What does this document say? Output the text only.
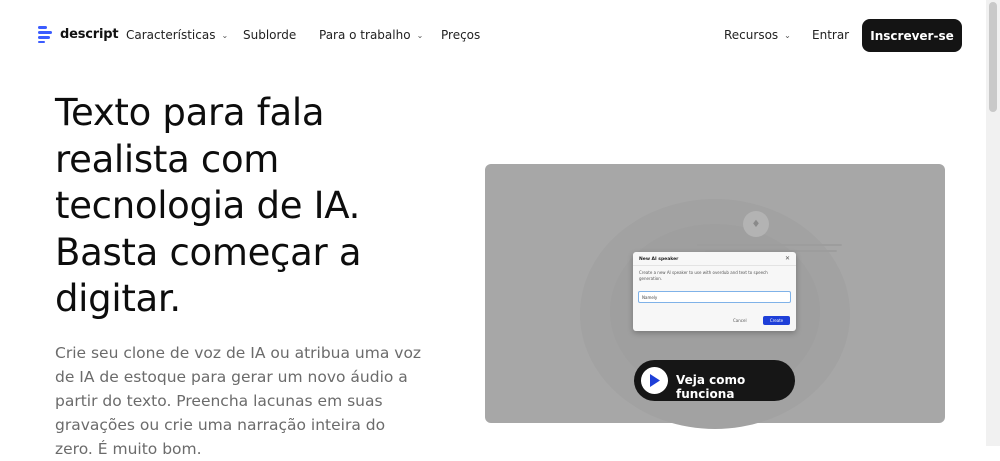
descript Características ⌄ Sublorde Para o trabalho ⌄ Preços	Recursos ⌄ Entrar	Inscrever-se
Texto para fala
realista com
tecnologia de IA.
Basta começar a
digitar.

Crie seu clone de voz de IA ou atribua uma voz de IA de estoque para gerar um novo áudio a partir do texto. Preencha lacunas em suas gravações ou crie uma narração inteira do zero. É muito bom.

♦
New AI speaker	✕
Create a new AI speaker to use with overdub and text to speech generation.
Namely
Cancel	Create
Veja como funciona
